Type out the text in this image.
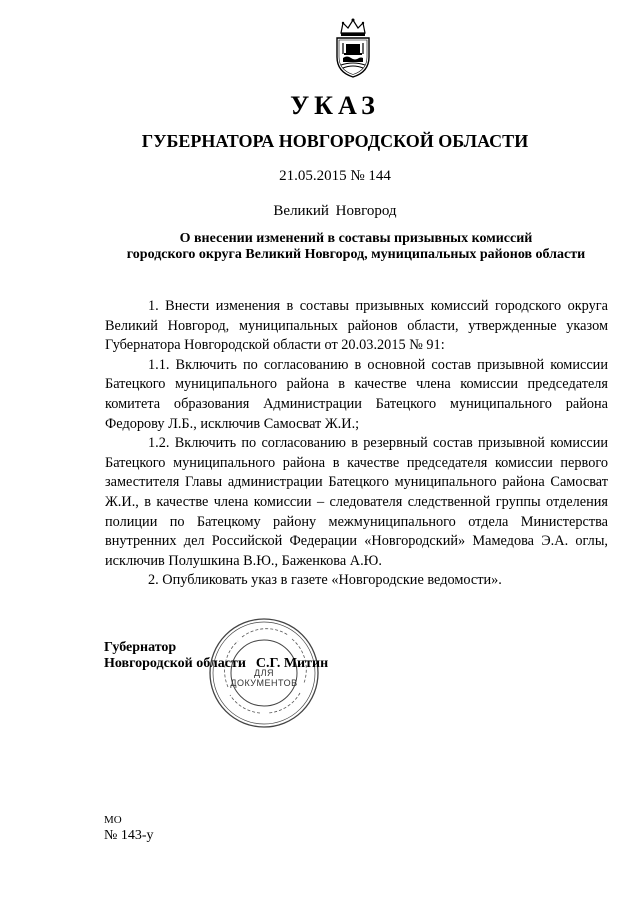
УКАЗ
ГУБЕРНАТОРА НОВГОРОДСКОЙ ОБЛАСТИ
21.05.2015 № 144
Великий Новгород
О внесении изменений в составы призывных комиссий
городского округа Великий Новгород, муниципальных районов области

1. Внести изменения в составы призывных комиссий городского округа Великий Новгород, муниципальных районов области, утвержденные указом Губернатора Новгородской области от 20.03.2015 № 91:

1.1. Включить по согласованию в основной состав призывной комиссии Батецкого муниципального района в качестве члена комиссии председателя комитета образования Администрации Батецкого муниципального района Федорову Л.Б., исключив Самосват Ж.И.;

1.2. Включить по согласованию в резервный состав призывной комиссии Батецкого муниципального района в качестве председателя комиссии первого заместителя Главы администрации Батецкого муниципального района Самосват Ж.И., в качестве члена комиссии – следователя следственной группы отделения полиции по Батецкому району межмуниципального отдела Министерства внутренних дел Российской Федерации «Новгородский» Мамедова Э.А. оглы, исключив Полушкина В.Ю., Баженкова А.Ю.

2. Опубликовать указ в газете «Новгородские ведомости».

ДЛЯ
ДОКУМЕНТОВ
Губернатор
Новгородской области С.Г. Митин
МО
№ 143-у
